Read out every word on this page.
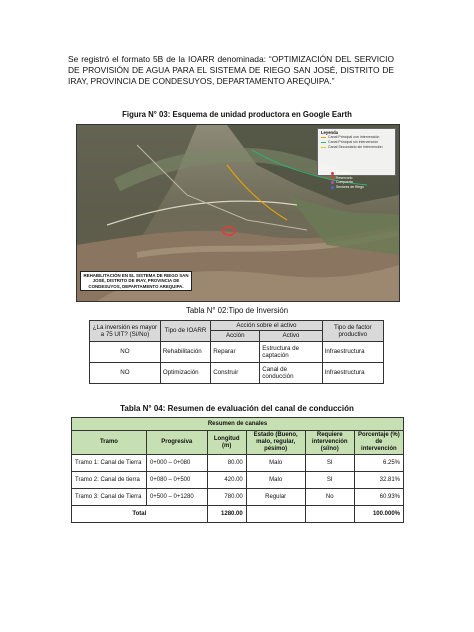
Se registró el formato 5B de la IOARR denominada: “OPTIMIZACIÓN DEL SERVICIO DE PROVISIÓN DE AGUA PARA EL SISTEMA DE RIEGO SAN JOSÉ, DISTRITO DE IRAY, PROVINCIA DE CONDESUYOS, DEPARTAMENTO AREQUIPA.”
Figura N° 03: Esquema de unidad productora en Google Earth
Leyenda
Canal Principal con intervención
Canal Principal sin intervención
Canal Secundario sin intervención
Bocatoma
Reservorio
Compuerta
Sectores de Riego
REHABILITACIÓN EN EL SISTEMA DE RIEGO SAN JOSÉ, DISTRITO DE IRAY, PROVINCIA DE CONDESUYOS, DEPARTAMENTO AREQUIPA.
Tabla N° 02:Tipo de Inversión
¿La inversión es mayor a 75 UIT? (Sí/No)	Tipo de IOARR	Acción sobre el activo		Tipo de factor productivo
		Acción	Activo	
NO	Rehabilitación	Reparar	Estructura de captación	Infraestructura
NO	Optimización	Construir	Canal de conducción	Infraestructura
Tabla N° 04: Resumen de evaluación del canal de conducción
Resumen de canales					
Tramo	Progresiva	Longitud (m)	Estado (Bueno, malo, regular, pésimo)	Requiere intervención (sí/no)	Porcentaje (%) de intervención
Tramo 1: Canal de Tierra	0+000 – 0+080	80.00	Malo	SI	6.25%
Tramo 2: Canal de tierra	0+080 – 0+500	420.00	Malo	SI	32.81%
Tramo 3: Canal de Tierra	0+500 – 0+1280	780.00	Regular	No	60.93%
Total		1280.00			100.000%
